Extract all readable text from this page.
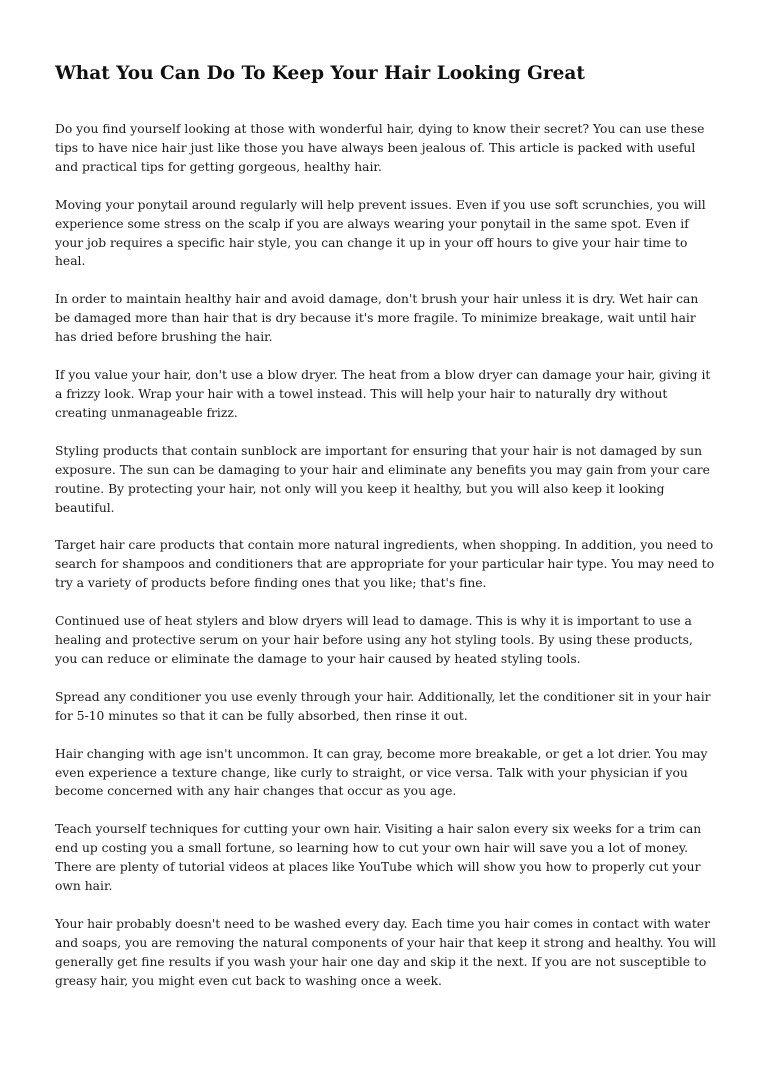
What You Can Do To Keep Your Hair Looking Great

Do you find yourself looking at those with wonderful hair, dying to know their secret? You can use these tips to have nice hair just like those you have always been jealous of. This article is packed with useful and practical tips for getting gorgeous, healthy hair.

Moving your ponytail around regularly will help prevent issues. Even if you use soft scrunchies, you will experience some stress on the scalp if you are always wearing your ponytail in the same spot. Even if your job requires a specific hair style, you can change it up in your off hours to give your hair time to heal.

In order to maintain healthy hair and avoid damage, don't brush your hair unless it is dry. Wet hair can be damaged more than hair that is dry because it's more fragile. To minimize breakage, wait until hair has dried before brushing the hair.

If you value your hair, don't use a blow dryer. The heat from a blow dryer can damage your hair, giving it a frizzy look. Wrap your hair with a towel instead. This will help your hair to naturally dry without creating unmanageable frizz.

Styling products that contain sunblock are important for ensuring that your hair is not damaged by sun exposure. The sun can be damaging to your hair and eliminate any benefits you may gain from your care routine. By protecting your hair, not only will you keep it healthy, but you will also keep it looking beautiful.

Target hair care products that contain more natural ingredients, when shopping. In addition, you need to search for shampoos and conditioners that are appropriate for your particular hair type. You may need to try a variety of products before finding ones that you like; that's fine.

Continued use of heat stylers and blow dryers will lead to damage. This is why it is important to use a healing and protective serum on your hair before using any hot styling tools. By using these products, you can reduce or eliminate the damage to your hair caused by heated styling tools.

Spread any conditioner you use evenly through your hair. Additionally, let the conditioner sit in your hair for 5-10 minutes so that it can be fully absorbed, then rinse it out.

Hair changing with age isn't uncommon. It can gray, become more breakable, or get a lot drier. You may even experience a texture change, like curly to straight, or vice versa. Talk with your physician if you become concerned with any hair changes that occur as you age.

Teach yourself techniques for cutting your own hair. Visiting a hair salon every six weeks for a trim can end up costing you a small fortune, so learning how to cut your own hair will save you a lot of money. There are plenty of tutorial videos at places like YouTube which will show you how to properly cut your own hair.

Your hair probably doesn't need to be washed every day. Each time you hair comes in contact with water and soaps, you are removing the natural components of your hair that keep it strong and healthy. You will generally get fine results if you wash your hair one day and skip it the next. If you are not susceptible to greasy hair, you might even cut back to washing once a week.
